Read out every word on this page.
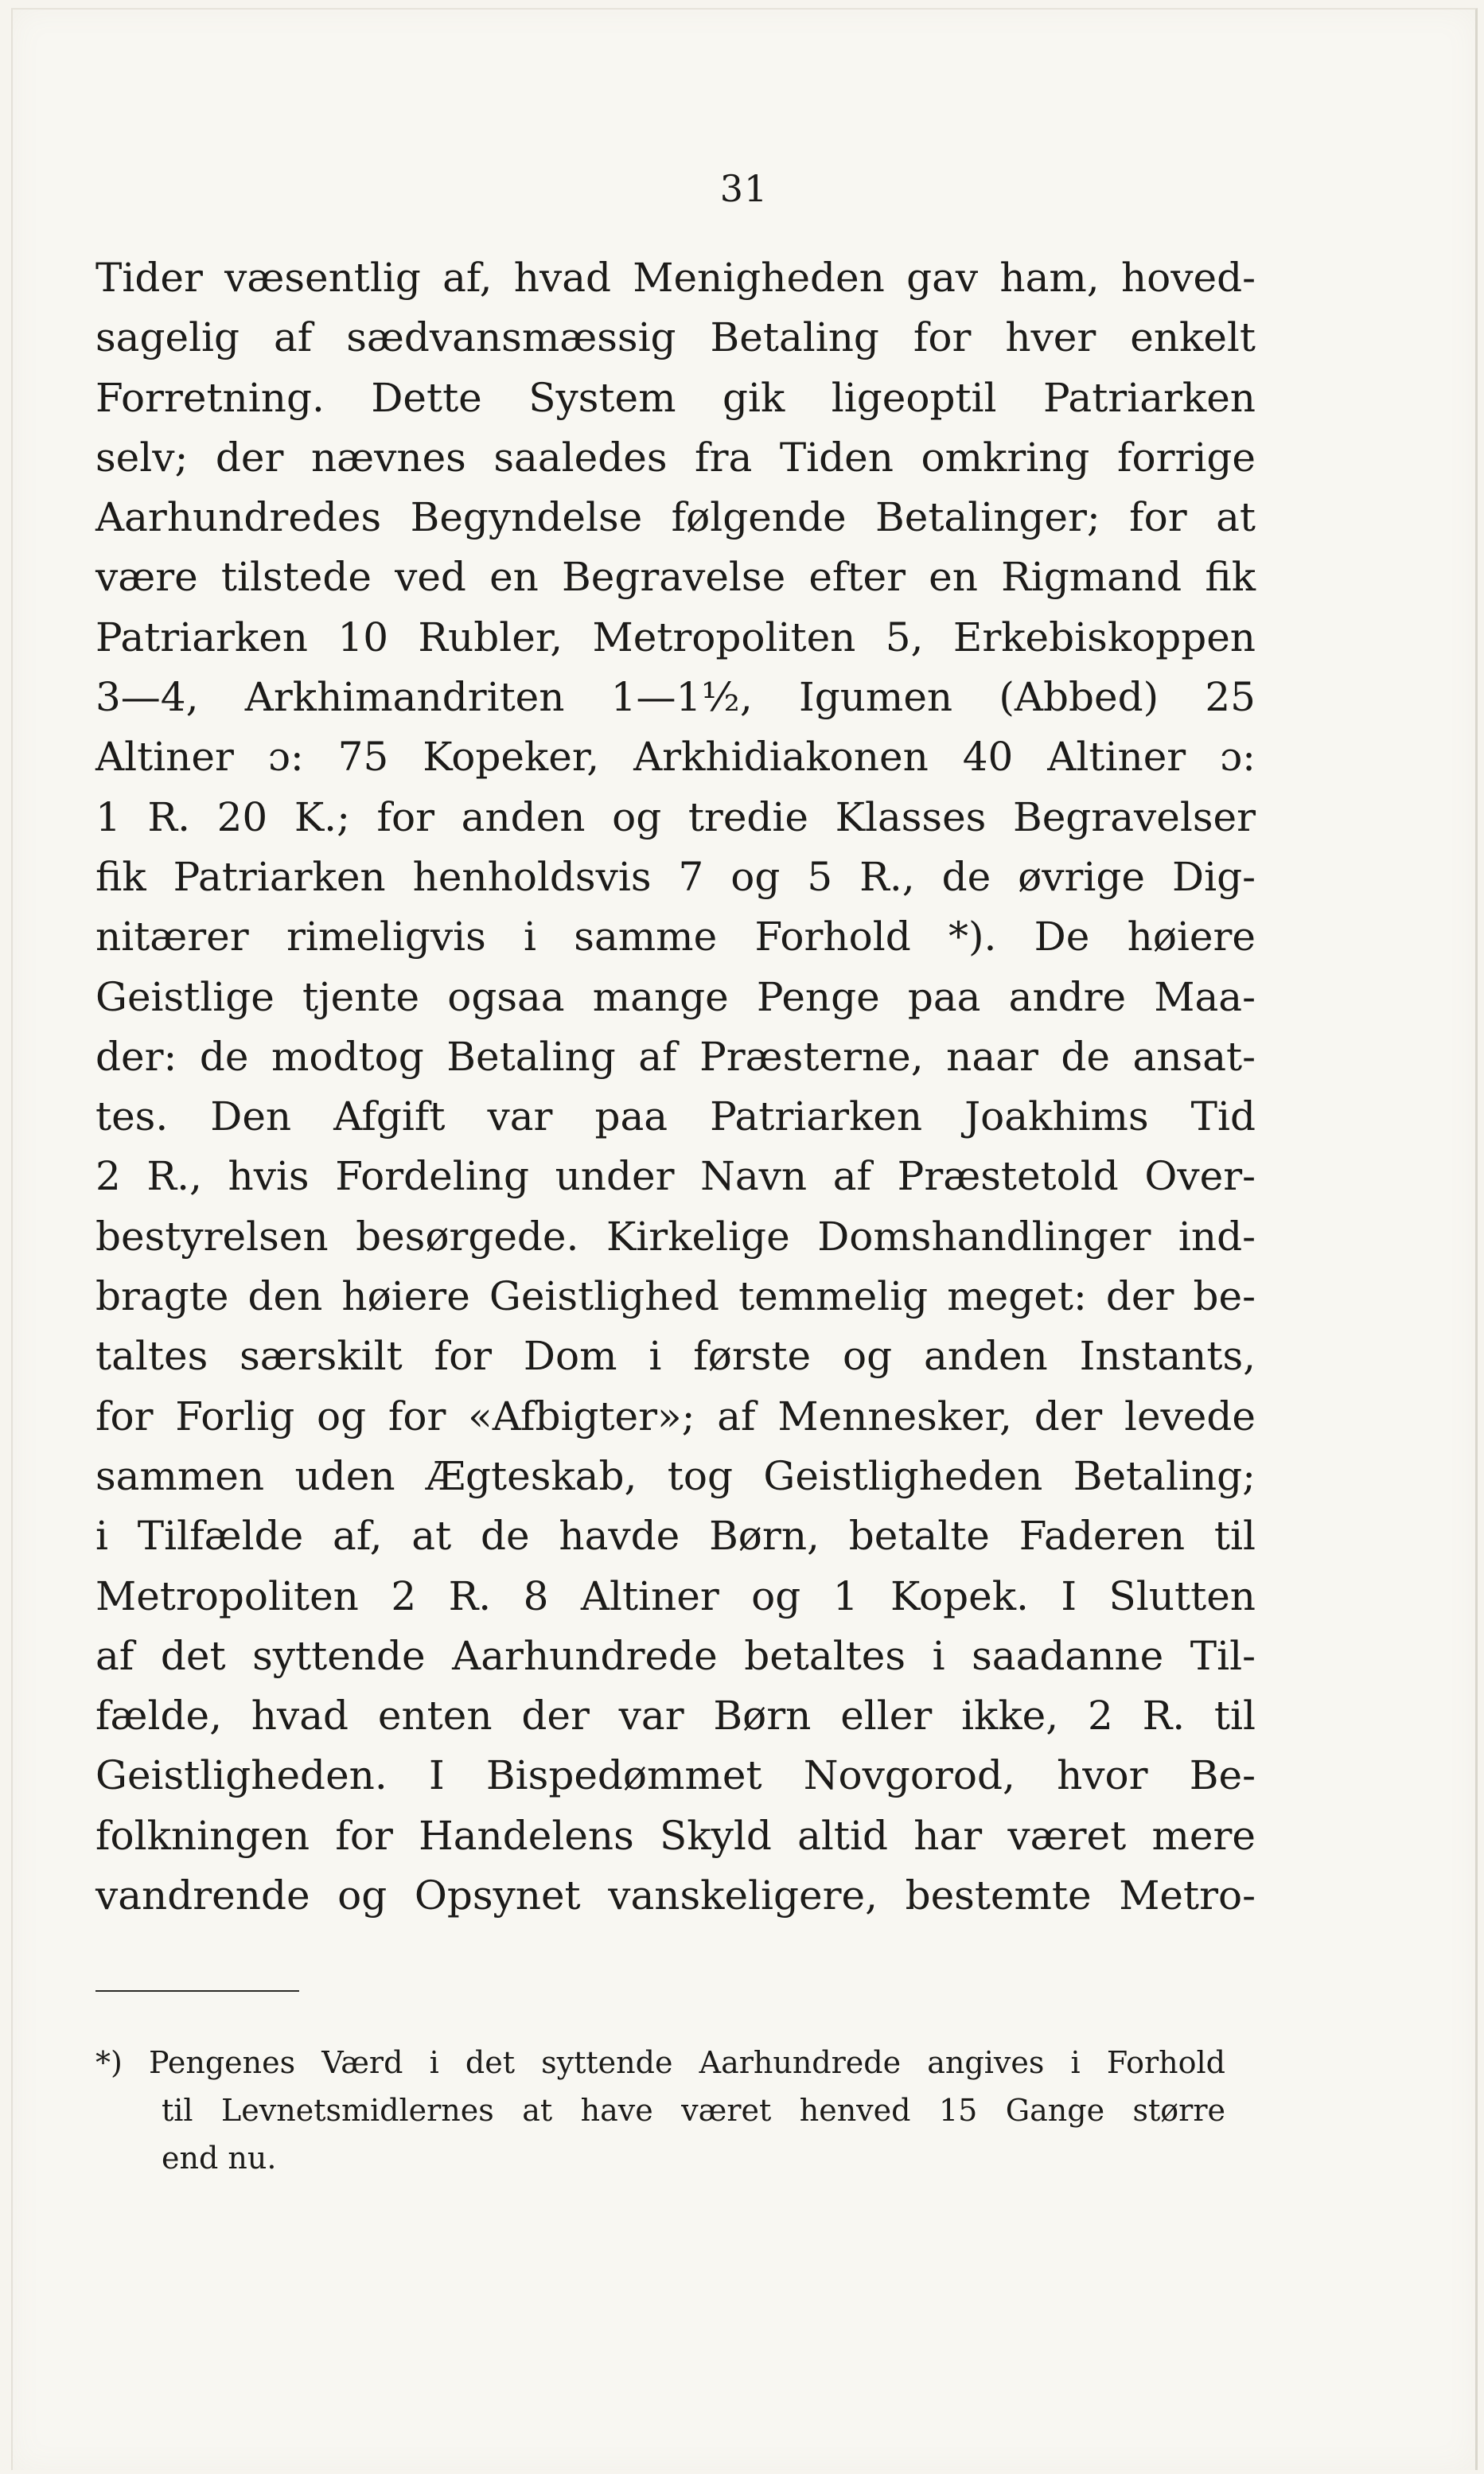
31
Tider væsentlig af, hvad Menigheden gav ham, hoved-
sagelig af sædvansmæssig Betaling for hver enkelt
Forretning. Dette System gik ligeoptil Patriarken
selv; der nævnes saaledes fra Tiden omkring forrige
Aarhundredes Begyndelse følgende Betalinger; for at
være tilstede ved en Begravelse efter en Rigmand fik
Patriarken 10 Rubler, Metropoliten 5, Erkebiskoppen
3—4, Arkhimandriten 1—1½, Igumen (Abbed) 25
Altiner ɔ: 75 Kopeker, Arkhidiakonen 40 Altiner ɔ:
1 R. 20 K.; for anden og tredie Klasses Begravelser
fik Patriarken henholdsvis 7 og 5 R., de øvrige Dig-
nitærer rimeligvis i samme Forhold *). De høiere
Geistlige tjente ogsaa mange Penge paa andre Maa-
der: de modtog Betaling af Præsterne, naar de ansat-
tes. Den Afgift var paa Patriarken Joakhims Tid
2 R., hvis Fordeling under Navn af Præstetold Over-
bestyrelsen besørgede. Kirkelige Domshandlinger ind-
bragte den høiere Geistlighed temmelig meget: der be-
taltes særskilt for Dom i første og anden Instants,
for Forlig og for «Afbigter»; af Mennesker, der levede
sammen uden Ægteskab, tog Geistligheden Betaling;
i Tilfælde af, at de havde Børn, betalte Faderen til
Metropoliten 2 R. 8 Altiner og 1 Kopek. I Slutten
af det syttende Aarhundrede betaltes i saadanne Til-
fælde, hvad enten der var Børn eller ikke, 2 R. til
Geistligheden. I Bispedømmet Novgorod, hvor Be-
folkningen for Handelens Skyld altid har været mere
vandrende og Opsynet vanskeligere, bestemte Metro-
*) Pengenes Værd i det syttende Aarhundrede angives i Forhold
til Levnetsmidlernes at have været henved 15 Gange større
end nu.
